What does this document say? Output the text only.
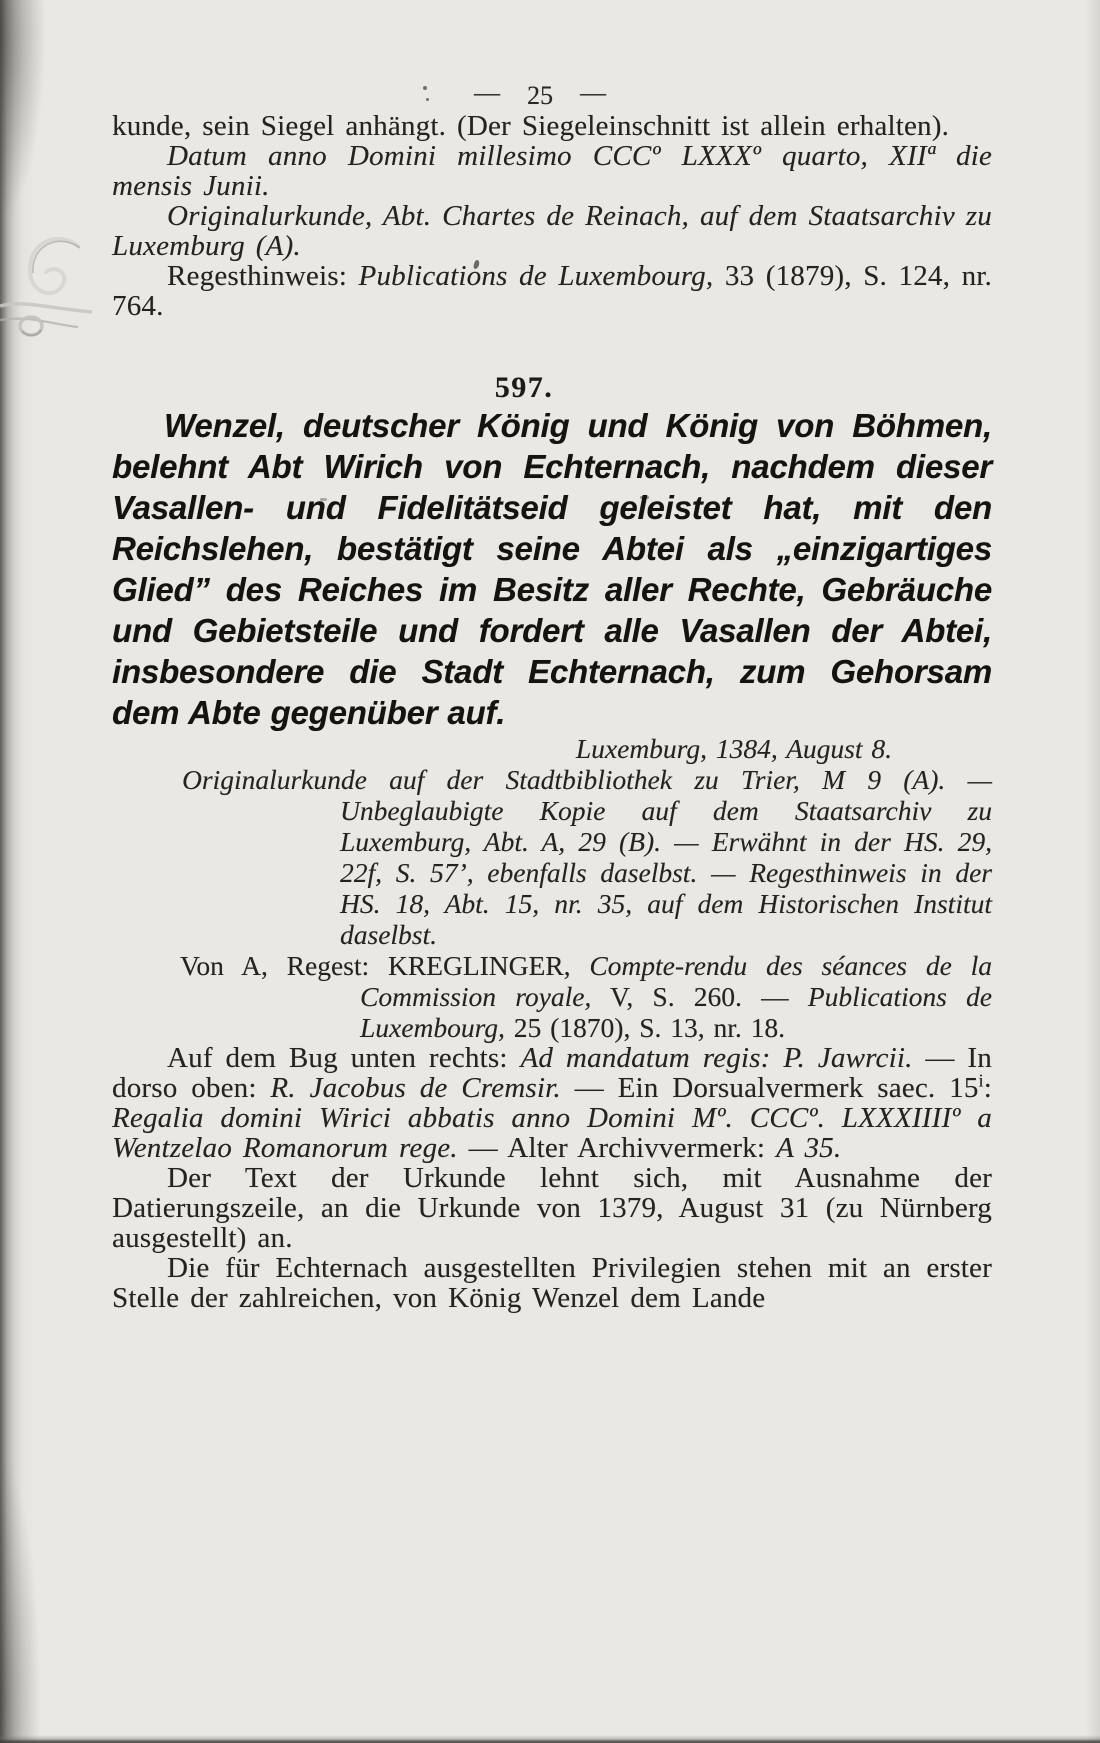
— 25 —

kunde, sein Siegel anhängt. (Der Siegeleinschnitt ist allein erhalten).

Datum anno Domini millesimo CCCº LXXXº quarto, XIIª die mensis Junii.

Originalurkunde, Abt. Chartes de Reinach, auf dem Staatsarchiv zu Luxemburg (A).

Regesthinweis: Publications de Luxembourg, 33 (1879), S. 124, nr. 764.

597.

Wenzel, deutscher König und König von Böhmen, belehnt Abt Wirich von Echternach, nachdem dieser Vasallen- und Fidelitätseid geleistet hat, mit den Reichslehen, bestätigt seine Abtei als „einzigartiges Glied” des Reiches im Besitz aller Rechte, Gebräuche und Gebietsteile und fordert alle Vasallen der Abtei, insbesondere die Stadt Echternach, zum Gehorsam dem Abte gegenüber auf.

Luxemburg, 1384, August 8.

Originalurkunde auf der Stadtbibliothek zu Trier, M 9 (A). — Unbeglaubigte Kopie auf dem Staatsarchiv zu Luxemburg, Abt. A, 29 (B). — Erwähnt in der HS. 29, 22f, S. 57’, ebenfalls daselbst. — Regesthinweis in der HS. 18, Abt. 15, nr. 35, auf dem Historischen Institut daselbst.

Von A, Regest: KREGLINGER, Compte-rendu des séances de la Commission royale, V, S. 260. — Publications de Luxembourg, 25 (1870), S. 13, nr. 18.

Auf dem Bug unten rechts: Ad mandatum regis: P. Jawrcii. — In dorso oben: R. Jacobus de Cremsir. — Ein Dorsualvermerk saec. 15$^i$: Regalia domini Wirici abbatis anno Domini Mº. CCCº. LXXXIIIIº a Wentzelao Romanorum rege. — Alter Archivvermerk: A 35.

Der Text der Urkunde lehnt sich, mit Ausnahme der Datierungszeile, an die Urkunde von 1379, August 31 (zu Nürnberg ausgestellt) an.

Die für Echternach ausgestellten Privilegien stehen mit an erster Stelle der zahlreichen, von König Wenzel dem Lande
